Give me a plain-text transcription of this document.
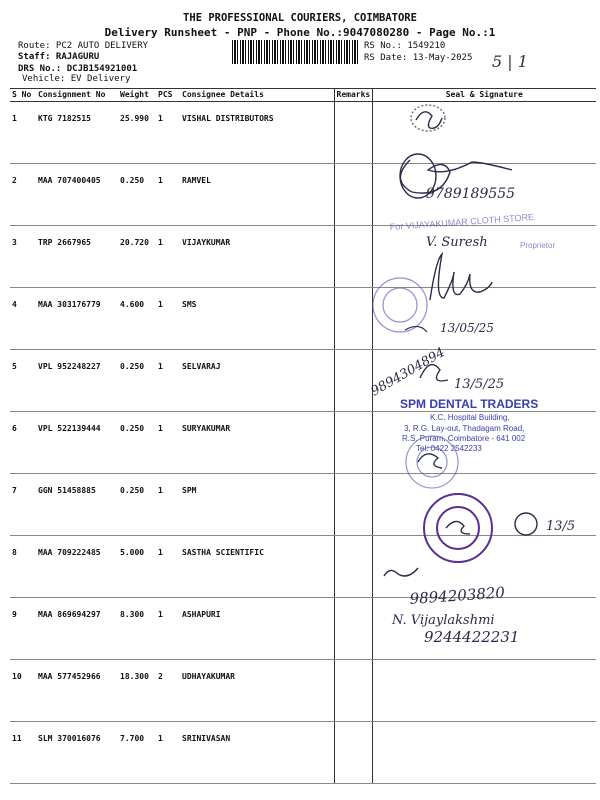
THE PROFESSIONAL COURIERS, COIMBATORE
Delivery Runsheet - PNP - Phone No.:9047080280 - Page No.:1
Route: PC2 AUTO DELIVERY
Staff: RAJAGURU
DRS No.: DCJB154921001
Vehicle: EV Delivery
RS No.: 1549210
RS Date: 13-May-2025 5 | 1
S No	Consignment No	Weight	PCS	Consignee Details	Remarks	Seal & Signature
1	KTG 7182515	25.990	1	VISHAL DISTRIBUTORS		
2	MAA 707400405	0.250	1	RAMVEL		
3	TRP 2667965	20.720	1	VIJAYKUMAR		
4	MAA 303176779	4.600	1	SMS		
5	VPL 952248227	0.250	1	SELVARAJ		
6	VPL 522139444	0.250	1	SURYAKUMAR		
7	GGN 51458885	0.250	1	SPM		
8	MAA 709222485	5.000	1	SASTHA SCIENTIFIC		
9	MAA 869694297	8.300	1	ASHAPURI		
10	MAA 577452966	18.300	2	UDHAYAKUMAR		
11	SLM 370016076	7.700	1	SRINIVASAN		
9789189555
For VIJAYAKUMAR CLOTH STORE
V. Suresh	Proprietor
13/05/25
9894304894 13/5/25
SPM DENTAL TRADERS
K.C. Hospital Building,
3, R.G. Lay-out, Thadagam Road,
R.S. Puram, Coimbatore - 641 002
Tel: 0422 2542233
13/5
9894203820
N. Vijaylakshmi
9244422231
